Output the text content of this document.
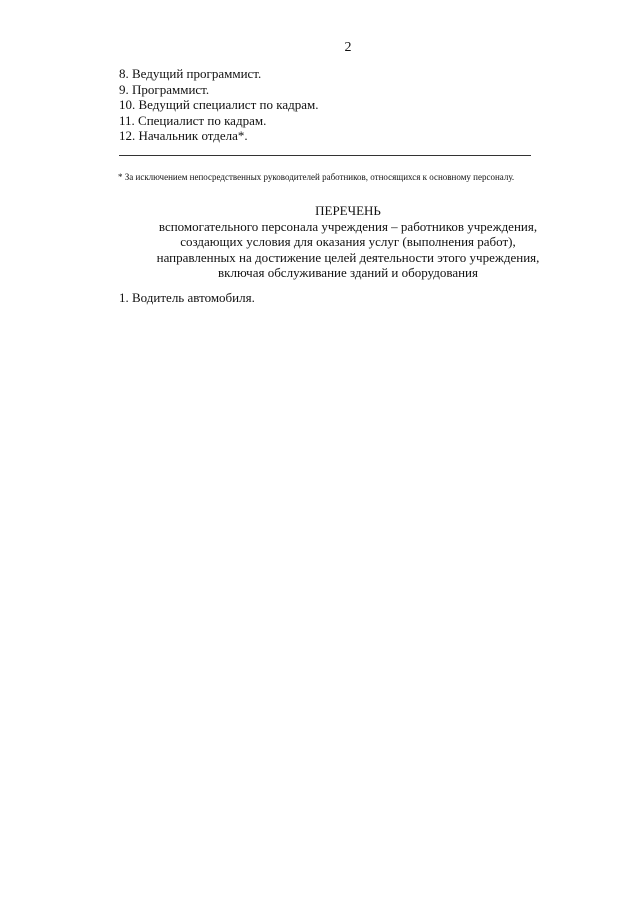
2
8. Ведущий программист.
9. Программист.
10. Ведущий специалист по кадрам.
11. Специалист по кадрам.
12. Начальник отдела*.
* За исключением непосредственных руководителей работников, относящихся к основному персоналу.
ПЕРЕЧЕНЬ
вспомогательного персонала учреждения – работников учреждения,
создающих условия для оказания услуг (выполнения работ),
направленных на достижение целей деятельности этого учреждения,
включая обслуживание зданий и оборудования
1. Водитель автомобиля.
